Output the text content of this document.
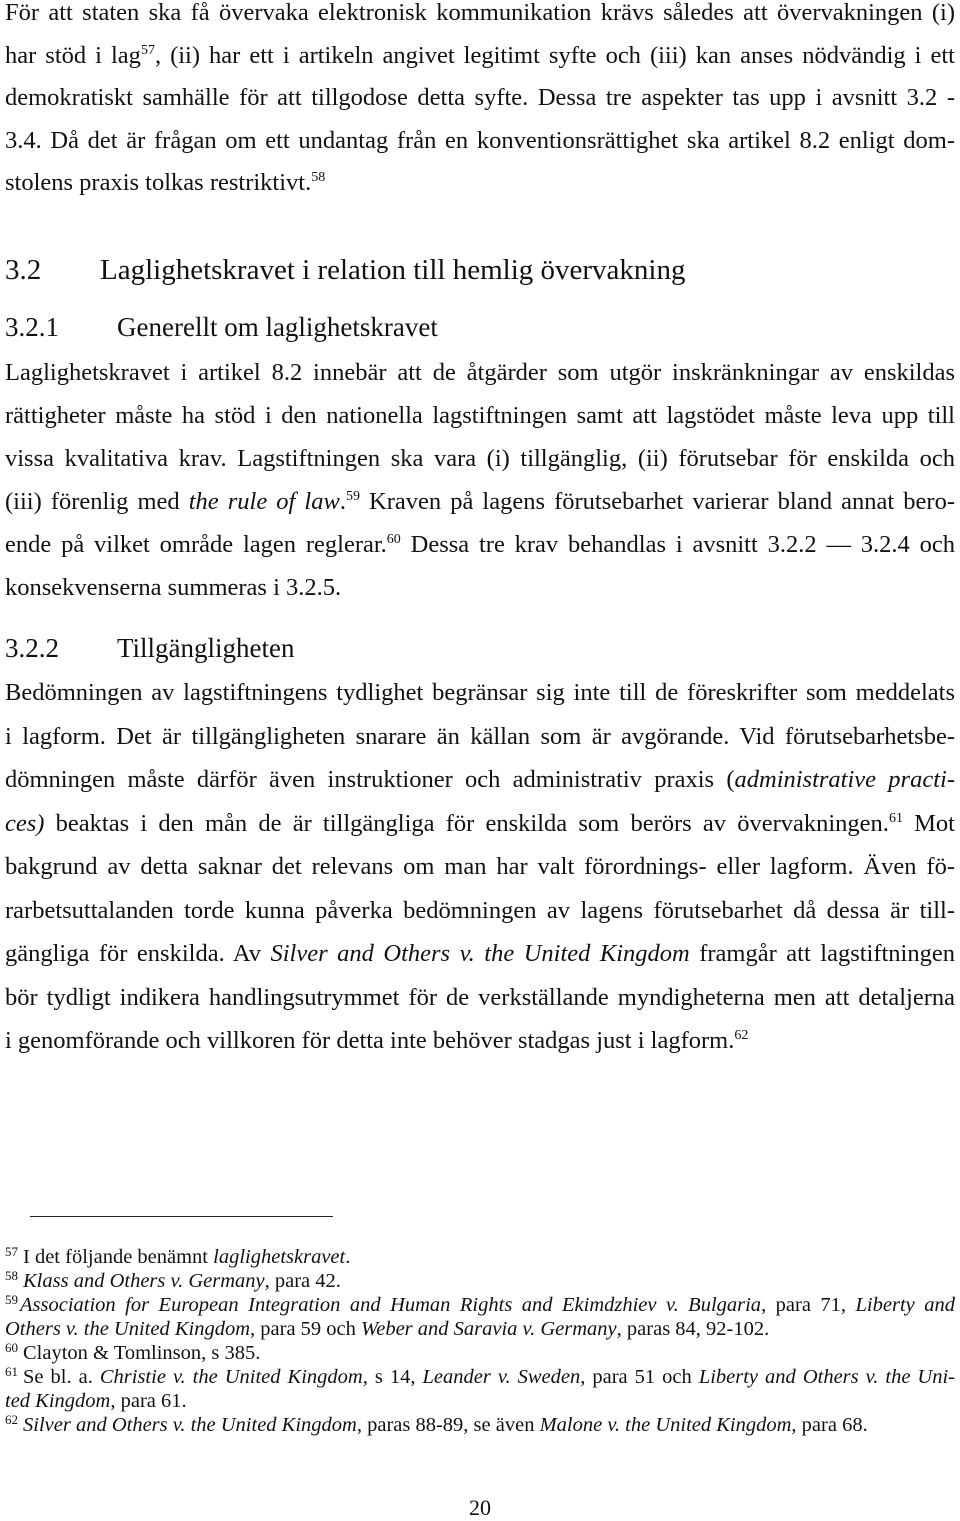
För att staten ska få övervaka elektronisk kommunikation krävs således att övervakningen (i)
har stöd i lag$^{57}$, (ii) har ett i artikeln angivet legitimt syfte och (iii) kan anses nödvändig i ett
demokratiskt samhälle för att tillgodose detta syfte. Dessa tre aspekter tas upp i avsnitt 3.2 -
3.4. Då det är frågan om ett undantag från en konventionsrättighet ska artikel 8.2 enligt dom-
stolens praxis tolkas restriktivt.$^{58}$
3.2 Laglighetskravet i relation till hemlig övervakning
3.2.1 Generellt om laglighetskravet
Laglighetskravet i artikel 8.2 innebär att de åtgärder som utgör inskränkningar av enskildas
rättigheter måste ha stöd i den nationella lagstiftningen samt att lagstödet måste leva upp till
vissa kvalitativa krav. Lagstiftningen ska vara (i) tillgänglig, (ii) förutsebar för enskilda och
(iii) förenlig med the rule of law.$^{59}$ Kraven på lagens förutsebarhet varierar bland annat bero-
ende på vilket område lagen reglerar.$^{60}$ Dessa tre krav behandlas i avsnitt 3.2.2 — 3.2.4 och
konsekvenserna summeras i 3.2.5.
3.2.2 Tillgängligheten
Bedömningen av lagstiftningens tydlighet begränsar sig inte till de föreskrifter som meddelats
i lagform. Det är tillgängligheten snarare än källan som är avgörande. Vid förutsebarhetsbe-
dömningen måste därför även instruktioner och administrativ praxis (administrative practi-
ces) beaktas i den mån de är tillgängliga för enskilda som berörs av övervakningen.$^{61}$ Mot
bakgrund av detta saknar det relevans om man har valt förordnings- eller lagform. Även fö-
rarbetsuttalanden torde kunna påverka bedömningen av lagens förutsebarhet då dessa är till-
gängliga för enskilda. Av Silver and Others v. the United Kingdom framgår att lagstiftningen
bör tydligt indikera handlingsutrymmet för de verkställande myndigheterna men att detaljerna
i genomförande och villkoren för detta inte behöver stadgas just i lagform.$^{62}$
$^{57}$ I det följande benämnt laglighetskravet.
$^{58}$ Klass and Others v. Germany, para 42.
$^{59}$Association for European Integration and Human Rights and Ekimdzhiev v. Bulgaria, para 71, Liberty and
Others v. the United Kingdom, para 59 och Weber and Saravia v. Germany, paras 84, 92-102.
$^{60}$ Clayton & Tomlinson, s 385.
$^{61}$ Se bl. a. Christie v. the United Kingdom, s 14, Leander v. Sweden, para 51 och Liberty and Others v. the Uni-
ted Kingdom, para 61.
$^{62}$ Silver and Others v. the United Kingdom, paras 88-89, se även Malone v. the United Kingdom, para 68.
20
